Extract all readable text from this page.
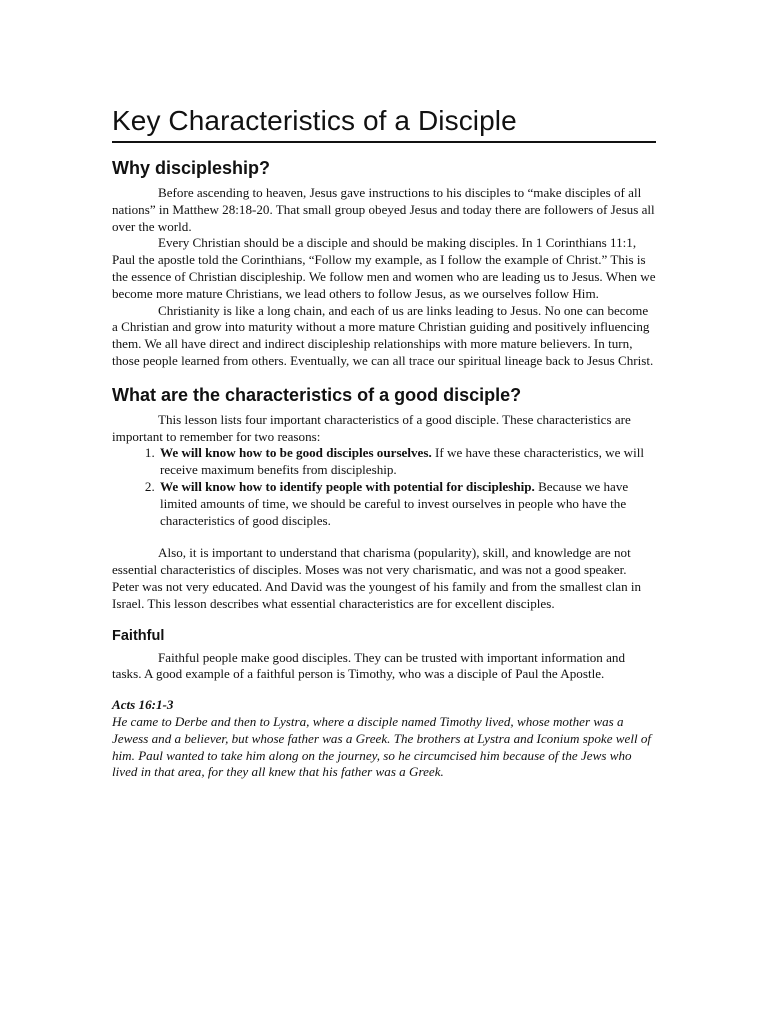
Key Characteristics of a Disciple
Why discipleship?

Before ascending to heaven, Jesus gave instructions to his disciples to “make disciples of all nations” in Matthew 28:18-20. That small group obeyed Jesus and today there are followers of Jesus all over the world.

Every Christian should be a disciple and should be making disciples. In 1 Corinthians 11:1, Paul the apostle told the Corinthians, “Follow my example, as I follow the example of Christ.” This is the essence of Christian discipleship. We follow men and women who are leading us to Jesus. When we become more mature Christians, we lead others to follow Jesus, as we ourselves follow Him.

Christianity is like a long chain, and each of us are links leading to Jesus. No one can become a Christian and grow into maturity without a more mature Christian guiding and positively influencing them. We all have direct and indirect discipleship relationships with more mature believers. In turn, those people learned from others. Eventually, we can all trace our spiritual lineage back to Jesus Christ.

What are the characteristics of a good disciple?

This lesson lists four important characteristics of a good disciple. These characteristics are important to remember for two reasons:

1. We will know how to be good disciples ourselves. If we have these characteristics, we will receive maximum benefits from discipleship.
2. We will know how to identify people with potential for discipleship. Because we have limited amounts of time, we should be careful to invest ourselves in people who have the characteristics of good disciples.

Also, it is important to understand that charisma (popularity), skill, and knowledge are not essential characteristics of disciples. Moses was not very charismatic, and was not a good speaker. Peter was not very educated. And David was the youngest of his family and from the smallest clan in Israel. This lesson describes what essential characteristics are for excellent disciples.

Faithful

Faithful people make good disciples. They can be trusted with important information and tasks. A good example of a faithful person is Timothy, who was a disciple of Paul the Apostle.

Acts 16:1-3
He came to Derbe and then to Lystra, where a disciple named Timothy lived, whose mother was a Jewess and a believer, but whose father was a Greek. The brothers at Lystra and Iconium spoke well of him. Paul wanted to take him along on the journey, so he circumcised him because of the Jews who lived in that area, for they all knew that his father was a Greek.
